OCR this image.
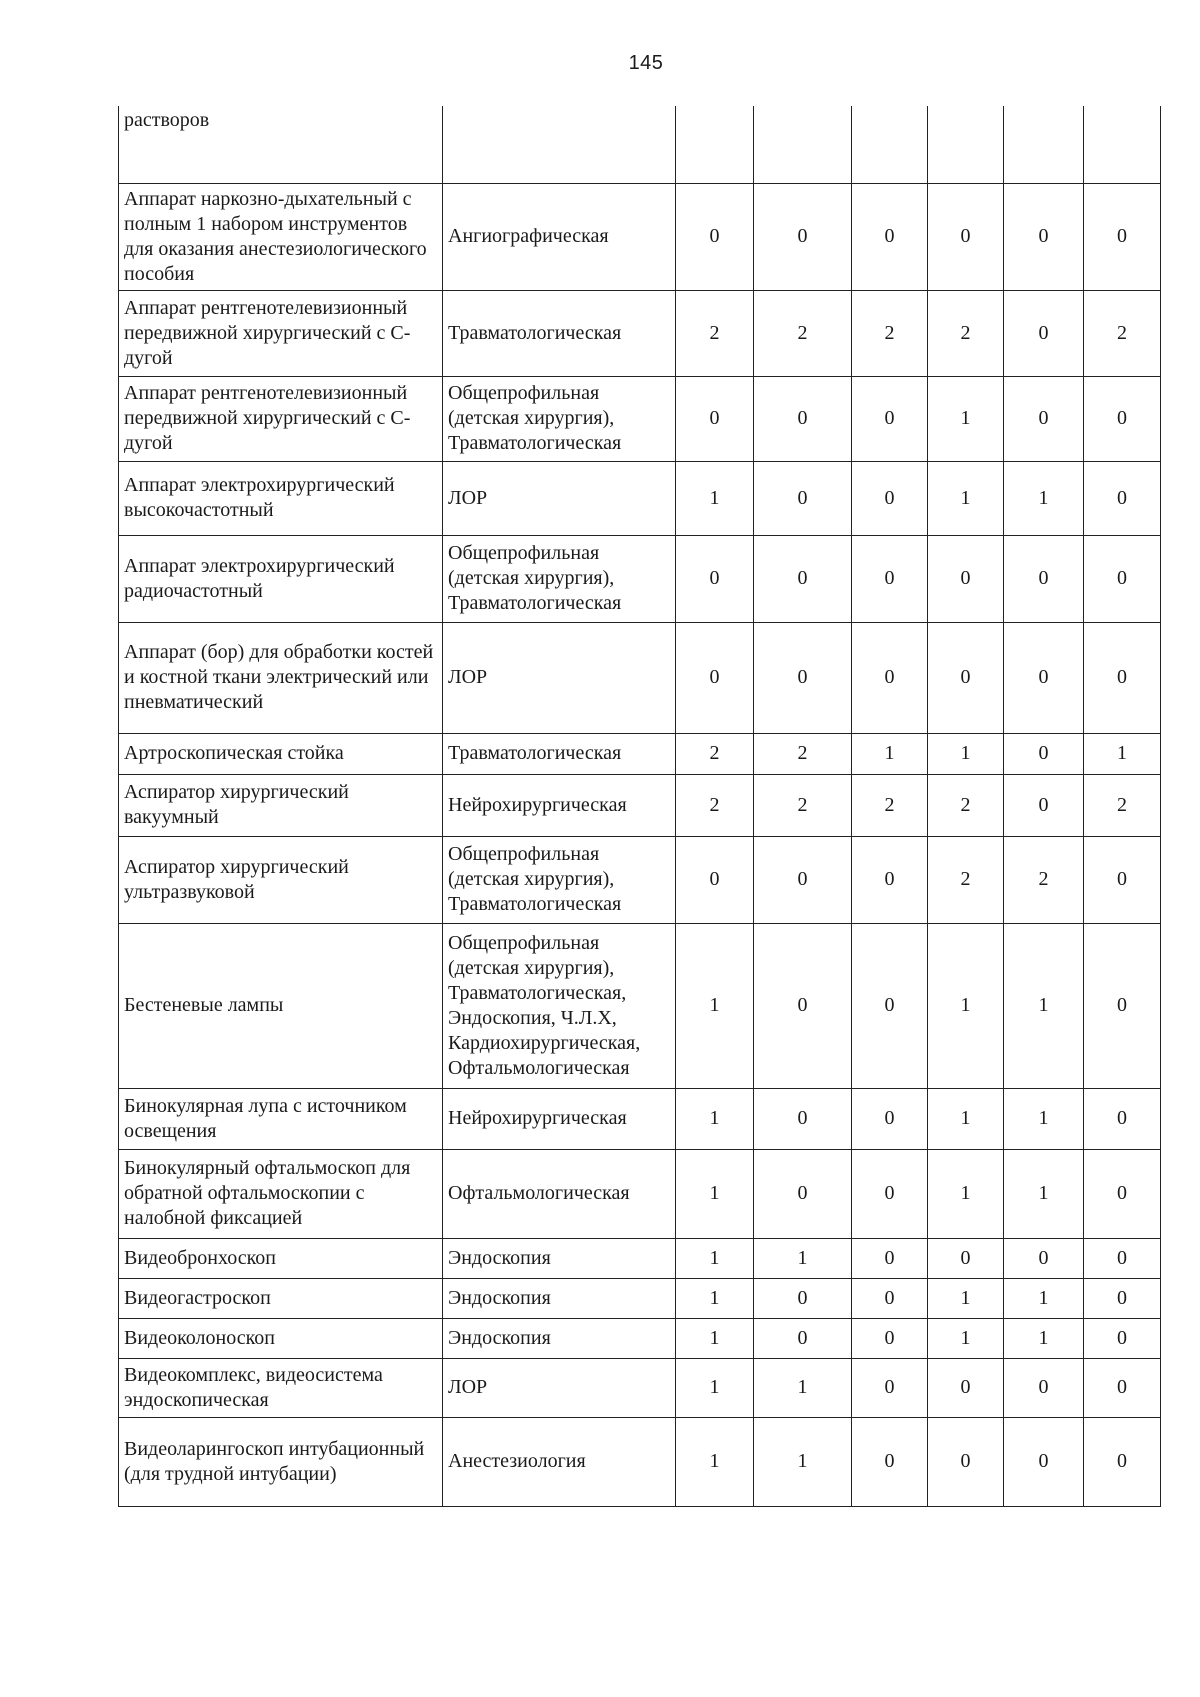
145
растворов							
Аппарат наркозно-дыхательный с полным 1 набором инструментов для оказания анестезиологического пособия	Ангиографическая	0	0	0	0	0	0
Аппарат рентгенотелевизионный передвижной хирургический с С-дугой	Травматологическая	2	2	2	2	0	2
Аппарат рентгенотелевизионный передвижной хирургический с С-дугой	Общепрофильная (детская хирургия), Травматологическая	0	0	0	1	0	0
Аппарат электрохирургический высокочастотный	ЛОР	1	0	0	1	1	0
Аппарат электрохирургический радиочастотный	Общепрофильная (детская хирургия), Травматологическая	0	0	0	0	0	0
Аппарат (бор) для обработки костей и костной ткани электрический или пневматический	ЛОР	0	0	0	0	0	0
Артроскопическая стойка	Травматологическая	2	2	1	1	0	1
Аспиратор хирургический вакуумный	Нейрохирургическая	2	2	2	2	0	2
Аспиратор хирургический ультразвуковой	Общепрофильная (детская хирургия), Травматологическая	0	0	0	2	2	0
Бестеневые лампы	Общепрофильная (детская хирургия), Травматологическая, Эндоскопия, Ч.Л.Х, Кардиохирургическая, Офтальмологическая	1	0	0	1	1	0
Бинокулярная лупа с источником освещения	Нейрохирургическая	1	0	0	1	1	0
Бинокулярный офтальмоскоп для обратной офтальмоскопии с налобной фиксацией	Офтальмологическая	1	0	0	1	1	0
Видеобронхоскоп	Эндоскопия	1	1	0	0	0	0
Видеогастроскоп	Эндоскопия	1	0	0	1	1	0
Видеоколоноскоп	Эндоскопия	1	0	0	1	1	0
Видеокомплекс, видеосистема эндоскопическая	ЛОР	1	1	0	0	0	0
Видеоларингоскоп интубационный (для трудной интубации)	Анестезиология	1	1	0	0	0	0
